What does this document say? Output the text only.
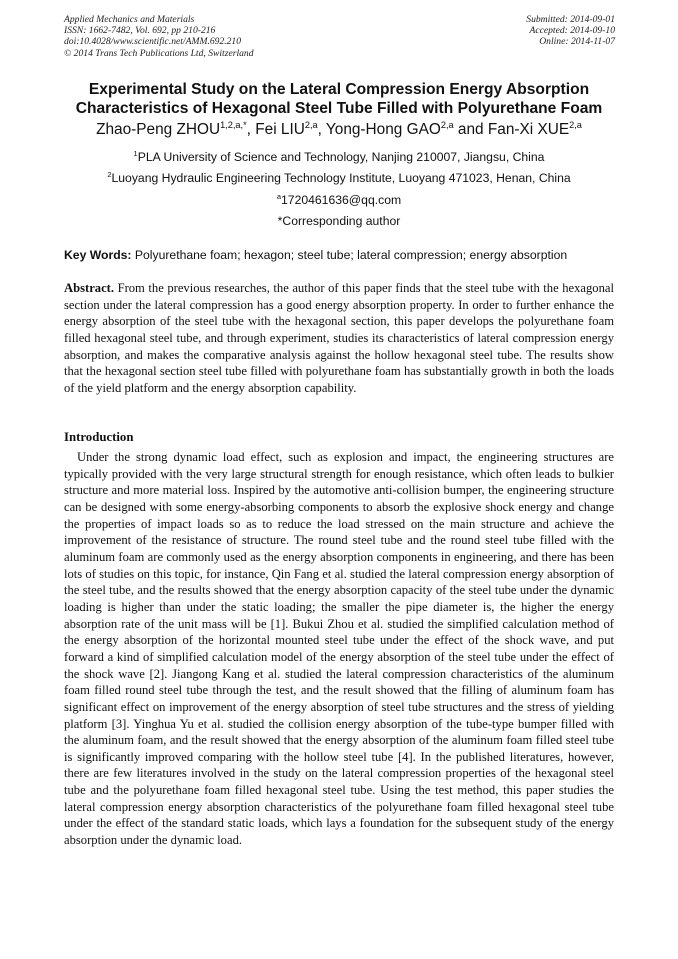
Applied Mechanics and Materials
ISSN: 1662-7482, Vol. 692, pp 210-216
doi:10.4028/www.scientific.net/AMM.692.210
© 2014 Trans Tech Publications Ltd, Switzerland
Submitted: 2014-09-01
Accepted: 2014-09-10
Online: 2014-11-07
Experimental Study on the Lateral Compression Energy Absorption
Characteristics of Hexagonal Steel Tube Filled with Polyurethane Foam
Zhao-Peng $ZHOU^{1,2,a,*}$, Fei LIU$^{2,a}$, Yong-Hong GAO$^{2,a}$ and Fan-Xi XUE$^{2,a}$
$^1$PLA University of Science and Technology, Nanjing 210007, Jiangsu, China
$^2$Luoyang Hydraulic Engineering Technology Institute, Luoyang 471023, Henan, China
$^a$1720461636@qq.com
*Corresponding author
Key Words: Polyurethane foam; hexagon; steel tube; lateral compression; energy absorption

Abstract. From the previous researches, the author of this paper finds that the steel tube with the hexagonal section under the lateral compression has a good energy absorption property. In order to further enhance the energy absorption of the steel tube with the hexagonal section, this paper develops the polyurethane foam filled hexagonal steel tube, and through experiment, studies its characteristics of lateral compression energy absorption, and makes the comparative analysis against the hollow hexagonal steel tube. The results show that the hexagonal section steel tube filled with polyurethane foam has substantially growth in both the loads of the yield platform and the energy absorption capability.

Introduction

Under the strong dynamic load effect, such as explosion and impact, the engineering structures are typically provided with the very large structural strength for enough resistance, which often leads to bulkier structure and more material loss. Inspired by the automotive anti-collision bumper, the engineering structure can be designed with some energy-absorbing components to absorb the explosive shock energy and change the properties of impact loads so as to reduce the load stressed on the main structure and achieve the improvement of the resistance of structure. The round steel tube and the round steel tube filled with the aluminum foam are commonly used as the energy absorption components in engineering, and there has been lots of studies on this topic, for instance, Qin Fang et al. studied the lateral compression energy absorption of the steel tube, and the results showed that the energy absorption capacity of the steel tube under the dynamic loading is higher than under the static loading; the smaller the pipe diameter is, the higher the energy absorption rate of the unit mass will be [1]. Bukui Zhou et al. studied the simplified calculation method of the energy absorption of the horizontal mounted steel tube under the effect of the shock wave, and put forward a kind of simplified calculation model of the energy absorption of the steel tube under the effect of the shock wave [2]. Jiangong Kang et al. studied the lateral compression characteristics of the aluminum foam filled round steel tube through the test, and the result showed that the filling of aluminum foam has significant effect on improvement of the energy absorption of steel tube structures and the stress of yielding platform [3]. Yinghua Yu et al. studied the collision energy absorption of the tube-type bumper filled with the aluminum foam, and the result showed that the energy absorption of the aluminum foam filled steel tube is significantly improved comparing with the hollow steel tube [4]. In the published literatures, however, there are few literatures involved in the study on the lateral compression properties of the hexagonal steel tube and the polyurethane foam filled hexagonal steel tube. Using the test method, this paper studies the lateral compression energy absorption characteristics of the polyurethane foam filled hexagonal steel tube under the effect of the standard static loads, which lays a foundation for the subsequent study of the energy absorption under the dynamic load.
